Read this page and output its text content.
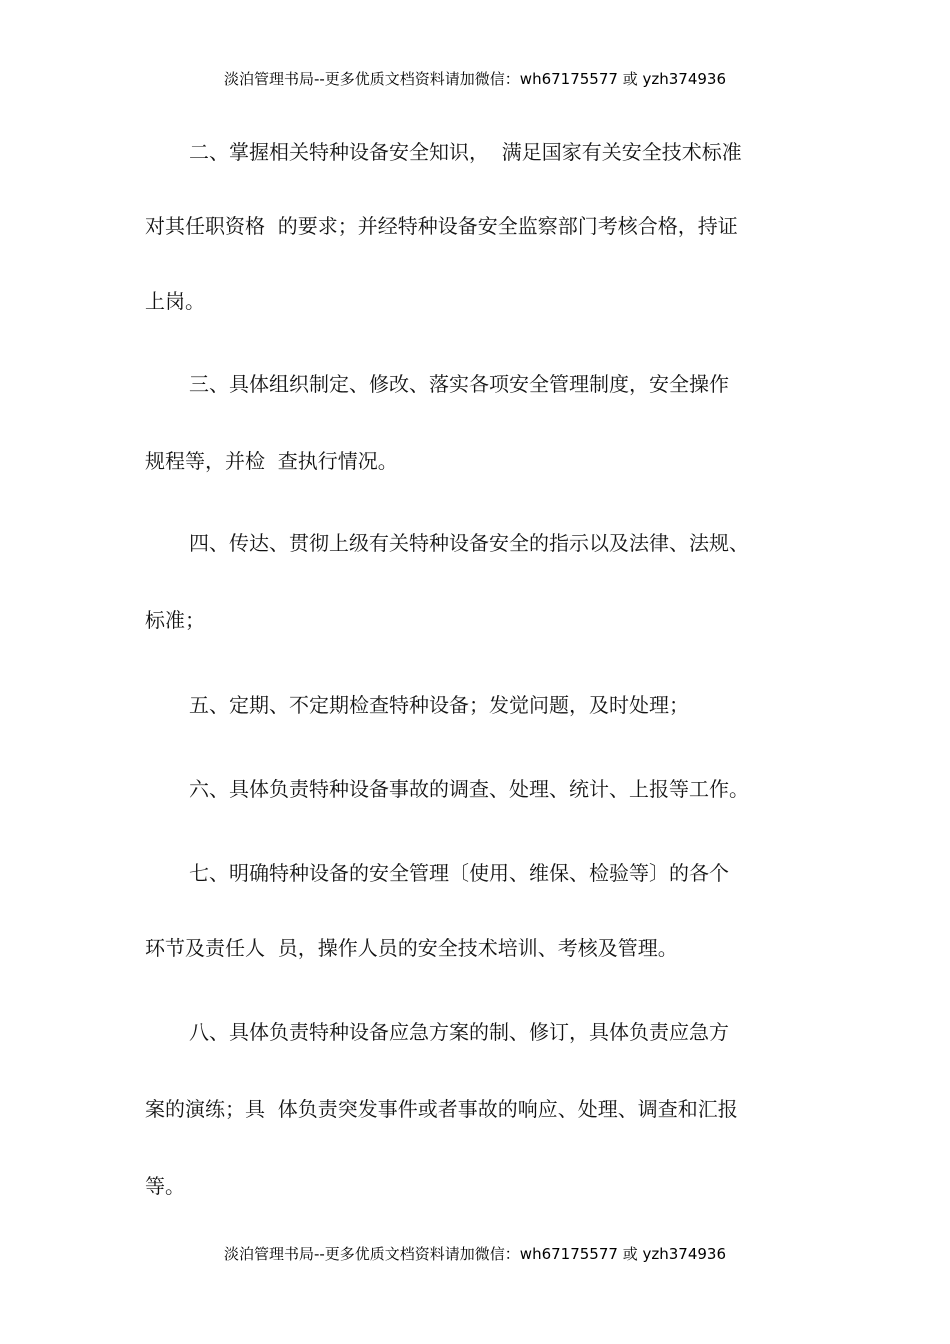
淡泊管理书局--更多优质文档资料请加微信：wh67175577 或 yzh374936
二、掌握相关特种设备安全知识，  满足国家有关安全技术标准
对其任职资格  的要求；并经特种设备安全监察部门考核合格，持证
上岗。
三、具体组织制定、修改、落实各项安全管理制度，安全操作
规程等，并检  查执行情况。
四、传达、贯彻上级有关特种设备安全的指示以及法律、法规、
标准；
五、定期、不定期检查特种设备；发觉问题，及时处理；
六、具体负责特种设备事故的调查、处理、统计、上报等工作。
七、明确特种设备的安全管理〔使用、维保、检验等〕的各个
环节及责任人  员，操作人员的安全技术培训、考核及管理。
八、具体负责特种设备应急方案的制、修订，具体负责应急方
案的演练；具  体负责突发事件或者事故的响应、处理、调查和汇报
等。
淡泊管理书局--更多优质文档资料请加微信：wh67175577 或 yzh374936
